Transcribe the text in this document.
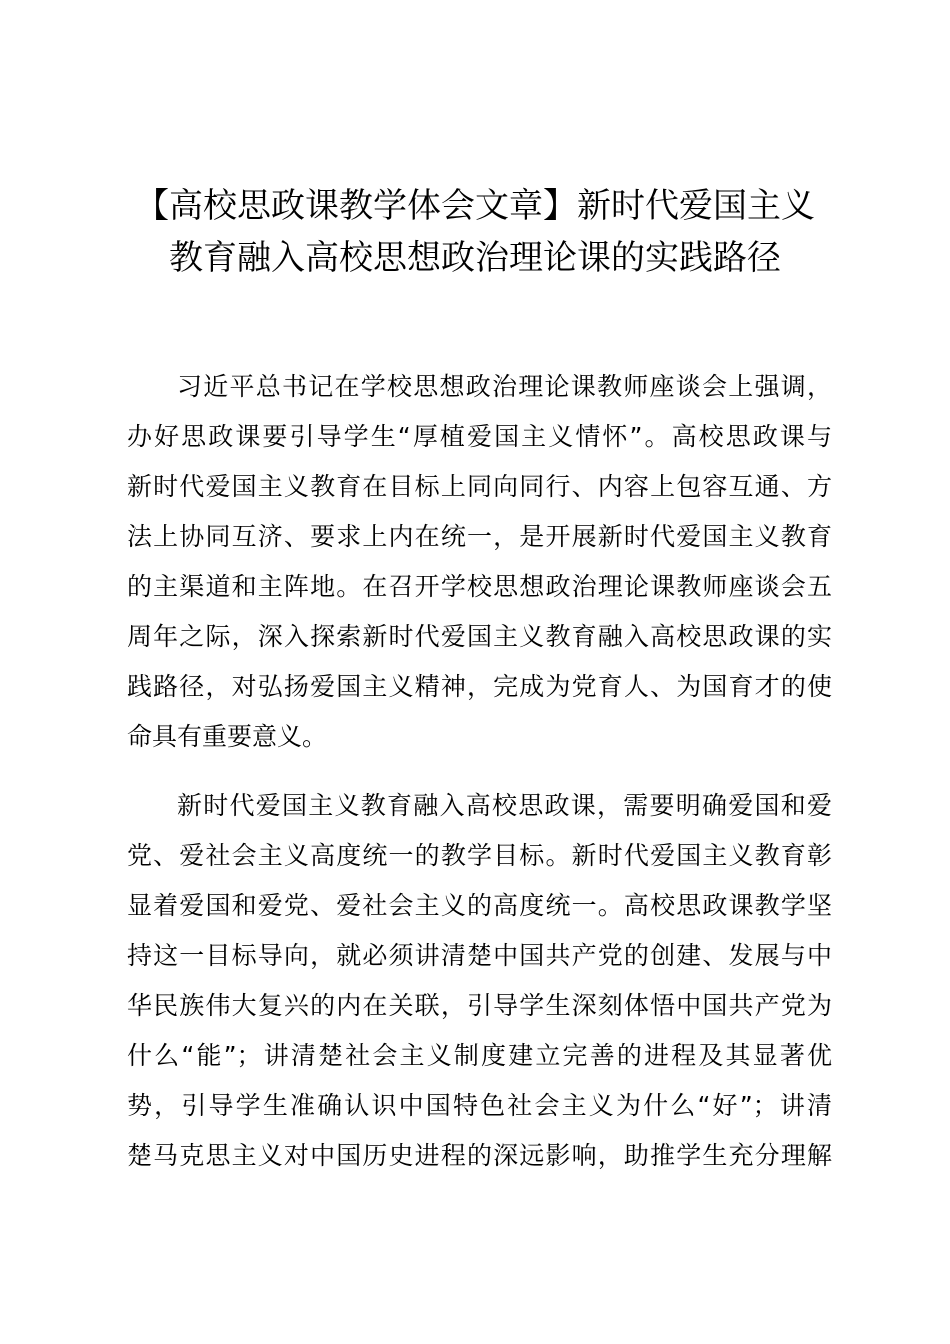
【高校思政课教学体会文章】新时代爱国主义
教育融入高校思想政治理论课的实践路径
习近平总书记在学校思想政治理论课教师座谈会上强调，
办好思政课要引导学生“厚植爱国主义情怀”。高校思政课与
新时代爱国主义教育在目标上同向同行、内容上包容互通、方
法上协同互济、要求上内在统一，是开展新时代爱国主义教育
的主渠道和主阵地。在召开学校思想政治理论课教师座谈会五
周年之际，深入探索新时代爱国主义教育融入高校思政课的实
践路径，对弘扬爱国主义精神，完成为党育人、为国育才的使
命具有重要意义。
新时代爱国主义教育融入高校思政课，需要明确爱国和爱
党、爱社会主义高度统一的教学目标。新时代爱国主义教育彰
显着爱国和爱党、爱社会主义的高度统一。高校思政课教学坚
持这一目标导向，就必须讲清楚中国共产党的创建、发展与中
华民族伟大复兴的内在关联，引导学生深刻体悟中国共产党为
什么“能”；讲清楚社会主义制度建立完善的进程及其显著优
势，引导学生准确认识中国特色社会主义为什么“好”；讲清
楚马克思主义对中国历史进程的深远影响，助推学生充分理解
